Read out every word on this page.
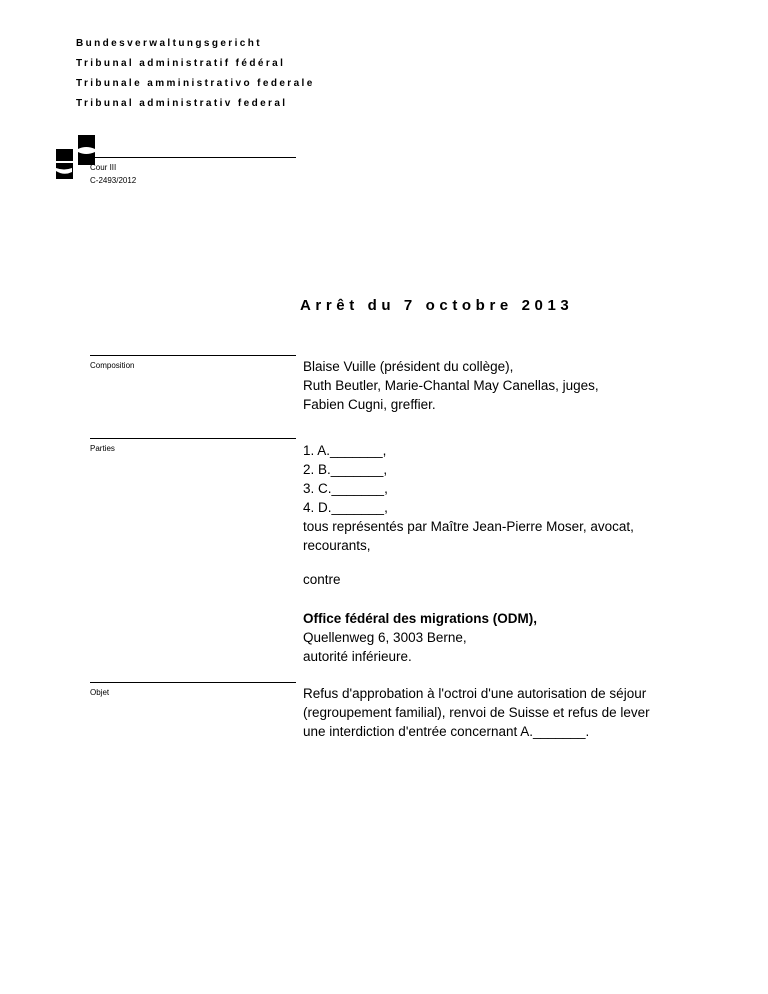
Bundesverwaltungsgericht
Tribunal administratif fédéral
Tribunale amministrativo federale
Tribunal administrativ federal
Cour III
C-2493/2012
Arrêt du 7 octobre 2013
Composition	Blaise Vuille (président du collège),
Ruth Beutler, Marie-Chantal May Canellas, juges,
Fabien Cugni, greffier.
Parties	1. A._______,
2. B._______,
3. C._______,
4. D._______,
tous représentés par Maître Jean-Pierre Moser, avocat,
recourants,
contre
Office fédéral des migrations (ODM),
Quellenweg 6, 3003 Berne,
autorité inférieure.
Objet	Refus d'approbation à l'octroi d'une autorisation de séjour
(regroupement familial), renvoi de Suisse et refus de lever
une interdiction d'entrée concernant A._______.
